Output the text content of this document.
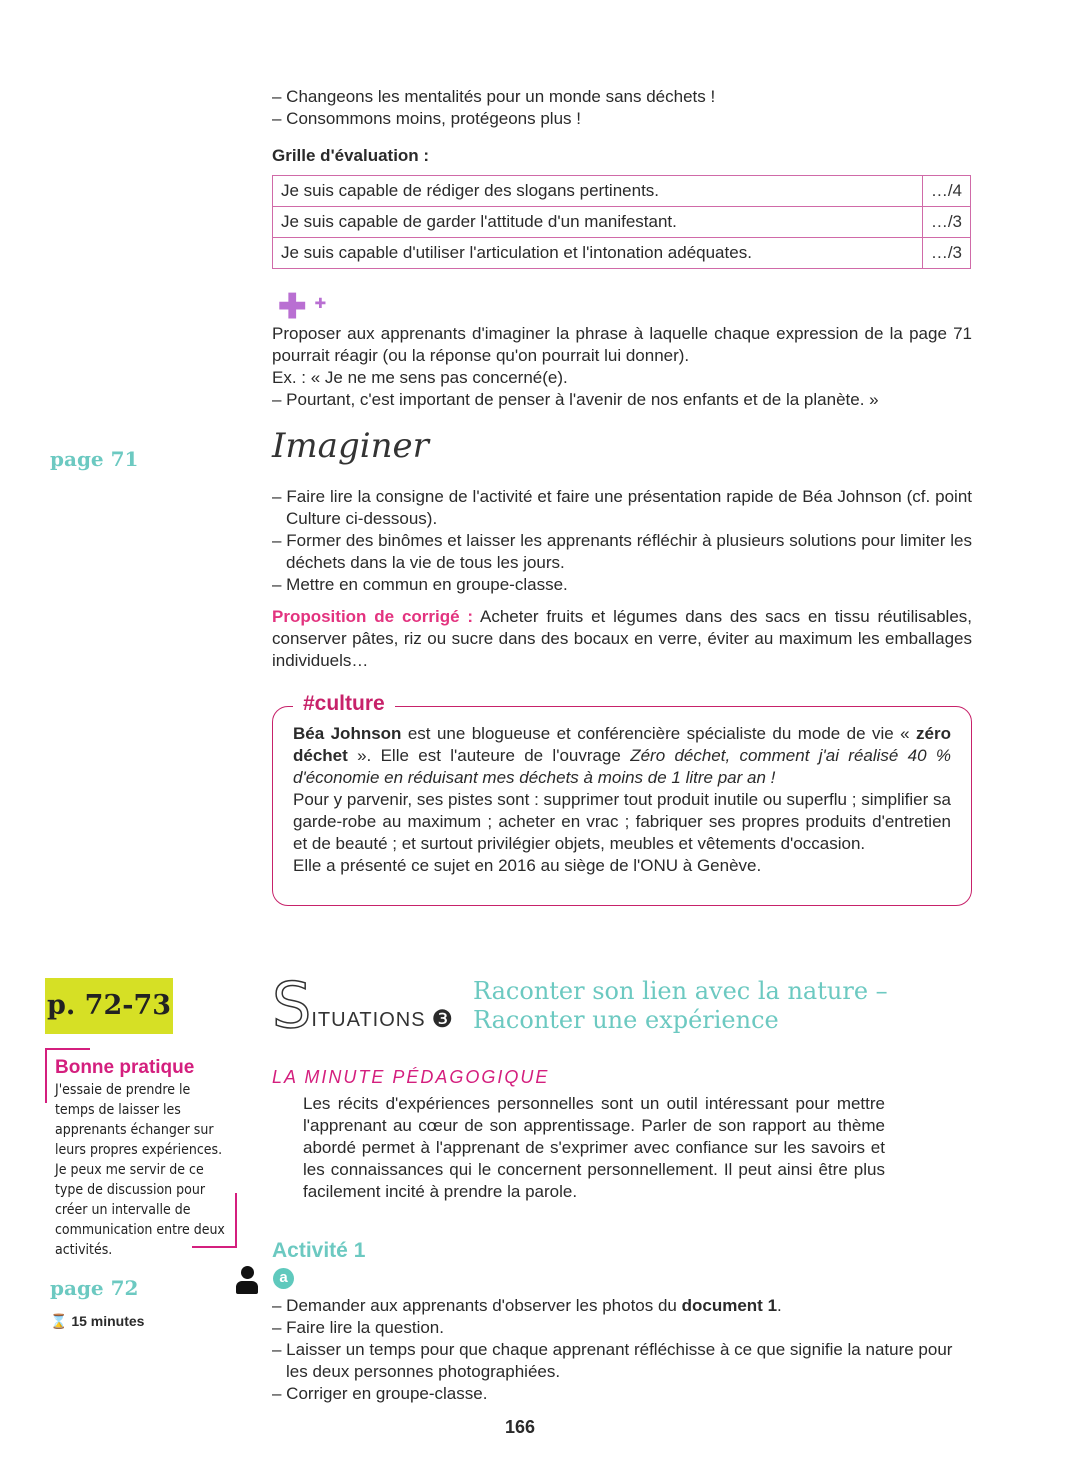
– Changeons les mentalités pour un monde sans déchets !

– Consommons moins, protégeons plus !

Grille d'évaluation :

Je suis capable de rédiger des slogans pertinents.	…/4
Je suis capable de garder l'attitude d'un manifestant.	…/3
Je suis capable d'utiliser l'articulation et l'intonation adéquates.	…/3
✚ ✚

Proposer aux apprenants d'imaginer la phrase à laquelle chaque expression de la page 71 pourrait réagir (ou la réponse qu'on pourrait lui donner).

Ex. : « Je ne me sens pas concerné(e).

– Pourtant, c'est important de penser à l'avenir de nos enfants et de la planète. »

page 71	Imaginer

– Faire lire la consigne de l'activité et faire une présentation rapide de Béa Johnson (cf. point Culture ci-dessous).

– Former des binômes et laisser les apprenants réfléchir à plusieurs solutions pour limiter les déchets dans la vie de tous les jours.

– Mettre en commun en groupe-classe.

Proposition de corrigé : Acheter fruits et légumes dans des sacs en tissu réutilisables, conserver pâtes, riz ou sucre dans des bocaux en verre, éviter au maximum les emballages individuels…

#culture

Béa Johnson est une blogueuse et conférencière spécialiste du mode de vie « zéro déchet ». Elle est l'auteure de l'ouvrage Zéro déchet, comment j'ai réalisé 40 % d'économie en réduisant mes déchets à moins de 1 litre par an !

Pour y parvenir, ses pistes sont : supprimer tout produit inutile ou superflu ; simplifier sa garde-robe au maximum ; acheter en vrac ; fabriquer ses propres produits d'entretien et de beauté ; et surtout privilégier objets, meubles et vêtements d'occasion.

Elle a présenté ce sujet en 2016 au siège de l'ONU à Genève.

p. 72-73 S ITUATIONS ❸

Raconter son lien avec la nature –

Raconter une expérience

Bonne pratique

J'essaie de prendre le temps de laisser les apprenants échanger sur leurs propres expériences. Je peux me servir de ce type de discussion pour créer un intervalle de communication entre deux activités.

LA MINUTE PÉDAGOGIQUE
Les récits d'expériences personnelles sont un outil intéressant pour mettre l'apprenant au cœur de son apprentissage. Parler de son rapport au thème abordé permet à l'apprenant de s'exprimer avec confiance sur les savoirs et les connaissances qui le concernent personnellement. Il peut ainsi être plus facilement incité à prendre la parole.
page 72
⌛ 15 minutes
Activité 1
a

– Demander aux apprenants d'observer les photos du document 1.

– Faire lire la question.

– Laisser un temps pour que chaque apprenant réfléchisse à ce que signifie la nature pour les deux personnes photographiées.

– Corriger en groupe-classe.

166
